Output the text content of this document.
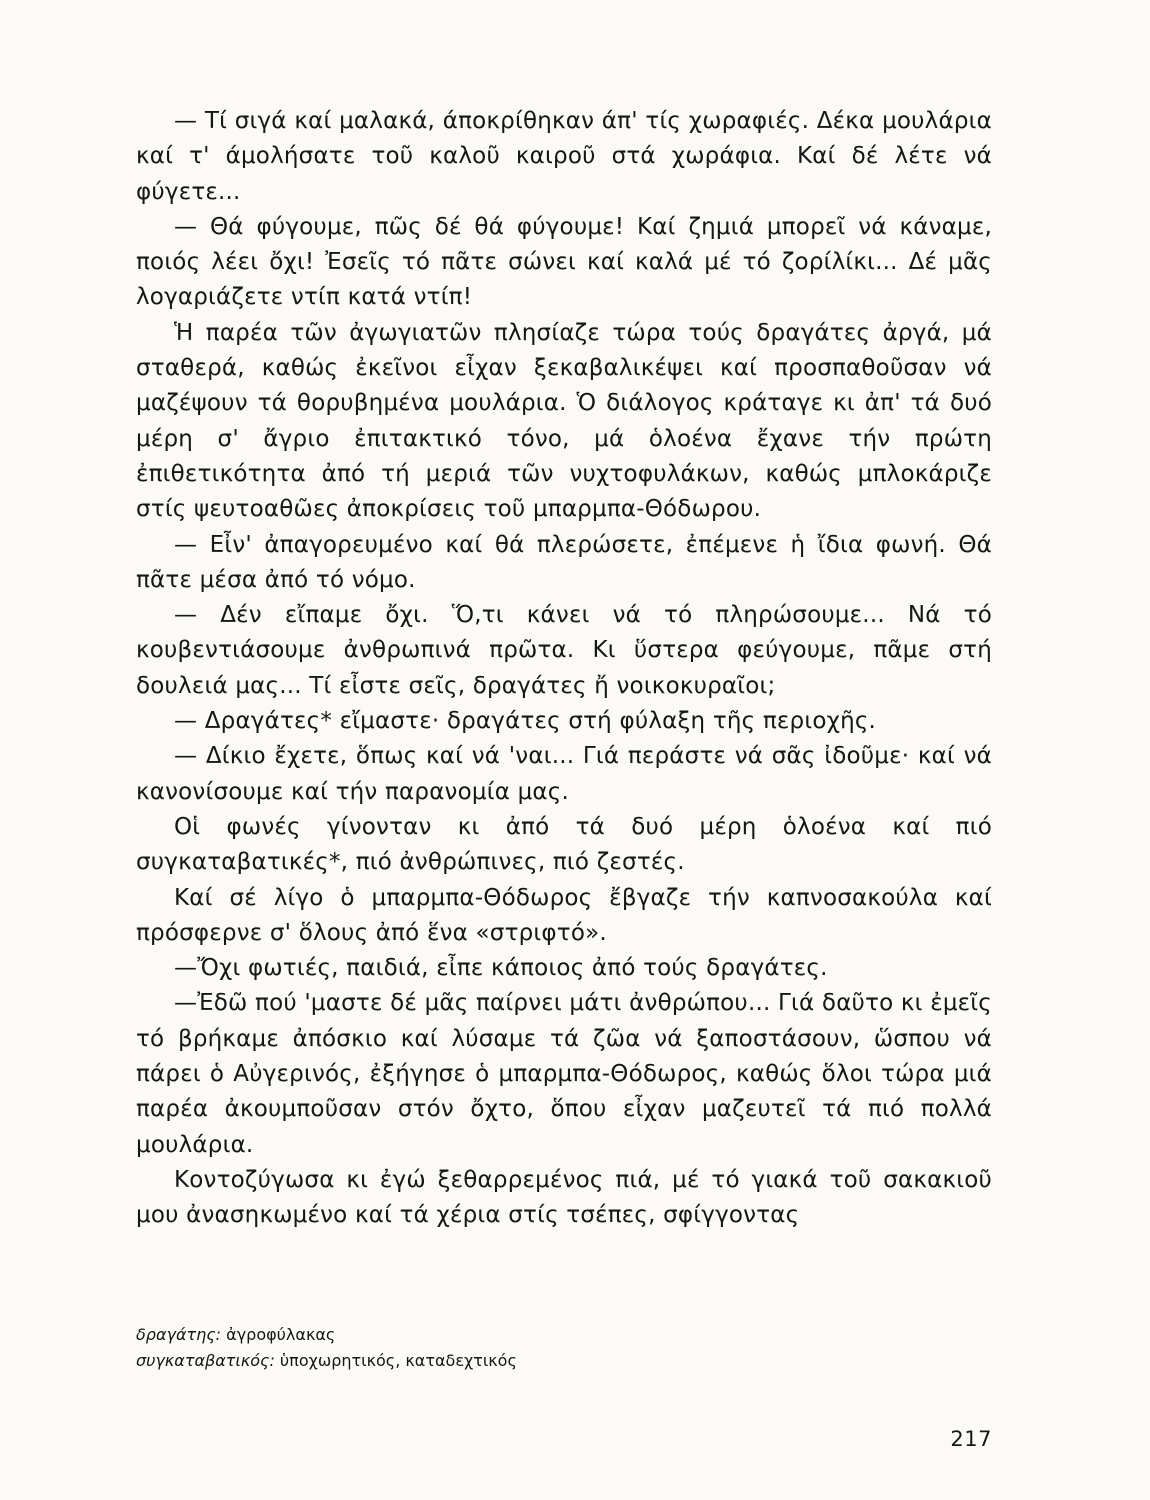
— Τί σιγά καί μαλακά, άποκρίθηκαν άπ' τίς χωραφιές. Δέκα μουλάρια καί τ' άμολήσατε τοῦ καλοῦ καιροῦ στά χωράφια. Καί δέ λέτε νά φύγετε...

— Θά φύγουμε, πῶς δέ θά φύγουμε! Καί ζημιά μπορεῖ νά κάναμε, ποιός λέει ὄχι! Ἐσεῖς τό πᾶτε σώνει καί καλά μέ τό ζορίλίκι... Δέ μᾶς λογαριάζετε ντίπ κατά ντίπ!

Ἡ παρέα τῶν ἀγωγιατῶν πλησίαζε τώρα τούς δραγάτες ἀργά, μά σταθερά, καθώς ἐκεῖνοι εἶχαν ξεκαβαλικέψει καί προσπαθοῦσαν νά μαζέψουν τά θορυβημένα μουλάρια. Ὁ διάλογος κράταγε κι ἀπ' τά δυό μέρη σ' ἄγριο ἐπιτακτικό τόνο, μά ὁλοένα ἔχανε τήν πρώτη ἐπιθετικότητα ἀπό τή μεριά τῶν νυχτοφυλάκων, καθώς μπλοκάριζε στίς ψευτοαθῶες ἀποκρίσεις τοῦ μπαρμπα-Θόδωρου.

— Εἶν' ἀπαγορευμένο καί θά πλερώσετε, ἐπέμενε ἡ ἴδια φωνή. Θά πᾶτε μέσα ἀπό τό νόμο.

— Δέν εἴπαμε ὄχι. Ὅ,τι κάνει νά τό πληρώσουμε... Νά τό κουβεντιάσουμε ἀνθρωπινά πρῶτα. Κι ὕστερα φεύγουμε, πᾶμε στή δουλειά μας... Τί εἶστε σεῖς, δραγάτες ἤ νοικοκυραῖοι;

— Δραγάτες* εἴμαστε· δραγάτες στή φύλαξη τῆς περιοχῆς.

— Δίκιο ἔχετε, ὅπως καί νά 'ναι... Γιά περάστε νά σᾶς ἰδοῦμε· καί νά κανονίσουμε καί τήν παρανομία μας.

Οἱ φωνές γίνονταν κι ἀπό τά δυό μέρη ὁλοένα καί πιό συγκαταβατικές*, πιό ἀνθρώπινες, πιό ζεστές.

Καί σέ λίγο ὁ μπαρμπα-Θόδωρος ἔβγαζε τήν καπνοσακούλα καί πρόσφερνε σ' ὅλους ἀπό ἕνα «στριφτό».

—Ὄχι φωτιές, παιδιά, εἶπε κάποιος ἀπό τούς δραγάτες.

—Ἐδῶ πού 'μαστε δέ μᾶς παίρνει μάτι ἀνθρώπου... Γιά δαῦτο κι ἐμεῖς τό βρήκαμε ἀπόσκιο καί λύσαμε τά ζῶα νά ξαποστάσουν, ὥσπου νά πάρει ὁ Αὐγερινός, ἐξήγησε ὁ μπαρμπα-Θόδωρος, καθώς ὅλοι τώρα μιά παρέα ἀκουμποῦσαν στόν ὄχτο, ὅπου εἶχαν μαζευτεῖ τά πιό πολλά μουλάρια.

Κοντοζύγωσα κι ἐγώ ξεθαρρεμένος πιά, μέ τό γιακά τοῦ σακακιοῦ μου ἀνασηκωμένο καί τά χέρια στίς τσέπες, σφίγγοντας

δραγάτης: ἀγροφύλακας
συγκαταβατικός: ὑποχωρητικός, καταδεχτικός
217
